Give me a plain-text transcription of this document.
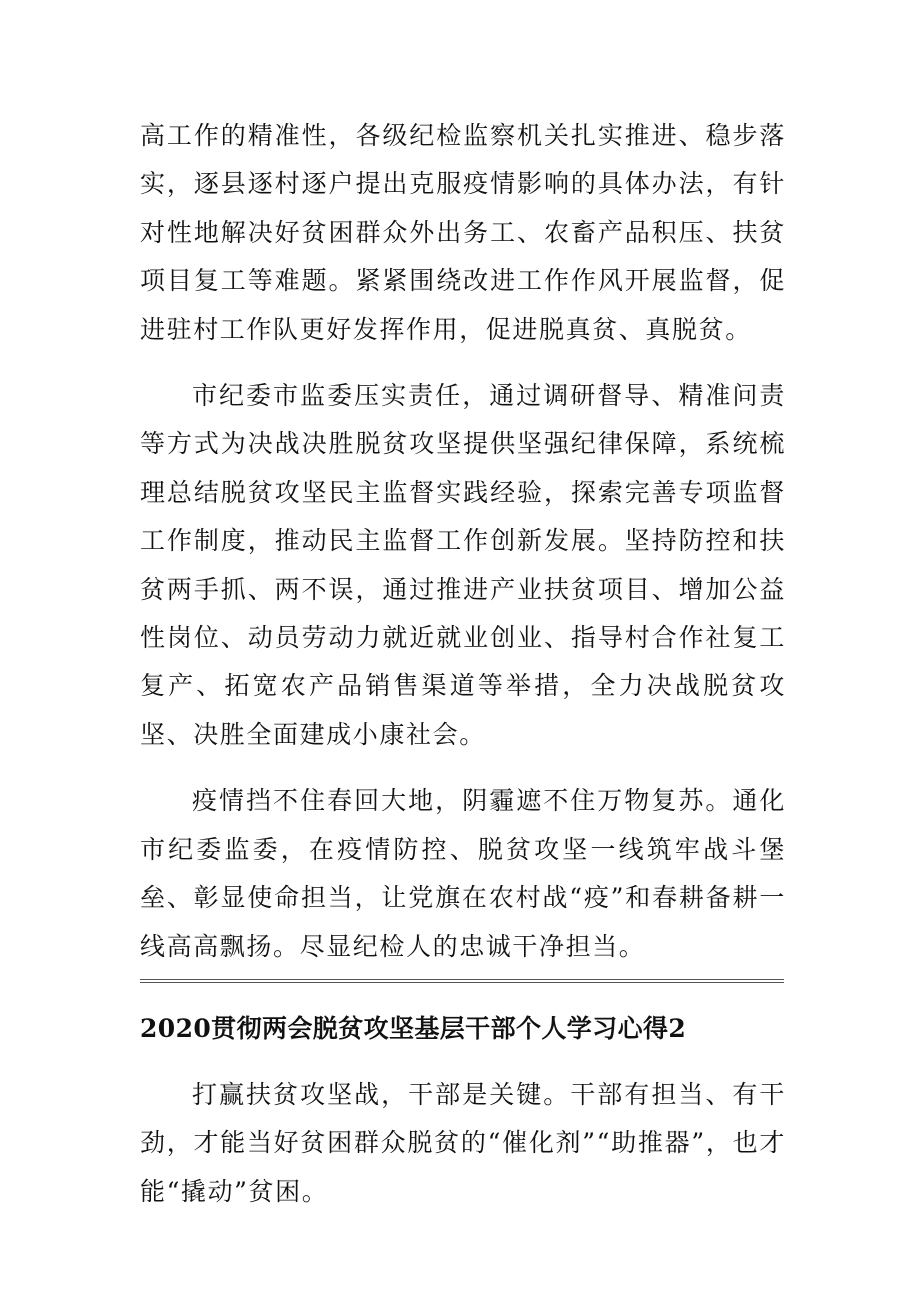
高工作的精准性，各级纪检监察机关扎实推进、稳步落实，逐县逐村逐户提出克服疫情影响的具体办法，有针对性地解决好贫困群众外出务工、农畜产品积压、扶贫项目复工等难题。紧紧围绕改进工作作风开展监督，促进驻村工作队更好发挥作用，促进脱真贫、真脱贫。

市纪委市监委压实责任，通过调研督导、精准问责等方式为决战决胜脱贫攻坚提供坚强纪律保障，系统梳理总结脱贫攻坚民主监督实践经验，探索完善专项监督工作制度，推动民主监督工作创新发展。坚持防控和扶贫两手抓、两不误，通过推进产业扶贫项目、增加公益性岗位、动员劳动力就近就业创业、指导村合作社复工复产、拓宽农产品销售渠道等举措，全力决战脱贫攻坚、决胜全面建成小康社会。

疫情挡不住春回大地，阴霾遮不住万物复苏。通化市纪委监委，在疫情防控、脱贫攻坚一线筑牢战斗堡垒、彰显使命担当，让党旗在农村战“疫”和春耕备耕一线高高飘扬。尽显纪检人的忠诚干净担当。

2020贯彻两会脱贫攻坚基层干部个人学习心得2

打赢扶贫攻坚战，干部是关键。干部有担当、有干劲，才能当好贫困群众脱贫的“催化剂”“助推器”，也才能“撬动”贫困。
